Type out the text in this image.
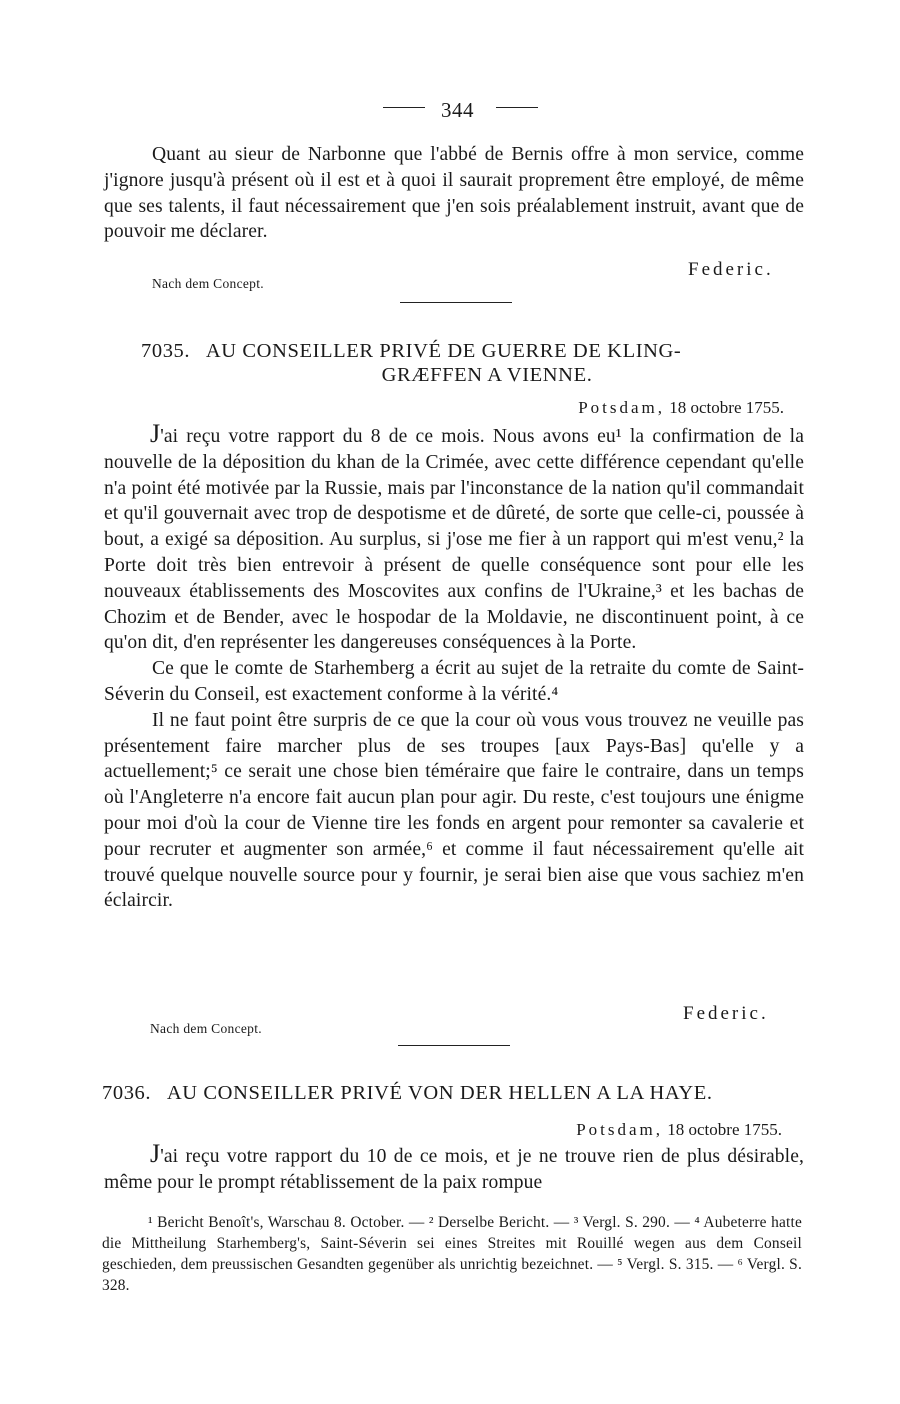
344

Quant au sieur de Narbonne que l'abbé de Bernis offre à mon service, comme j'ignore jusqu'à présent où il est et à quoi il saurait proprement être employé, de même que ses talents, il faut nécessairement que j'en sois préalablement instruit, avant que de pouvoir me déclarer.

Federic.
Nach dem Concept.
7035. AU CONSEILLER PRIVÉ DE GUERRE DE KLING-
GRÆFFEN A VIENNE.
Potsdam, 18 octobre 1755.

J'ai reçu votre rapport du 8 de ce mois. Nous avons eu¹ la confirmation de la nouvelle de la déposition du khan de la Crimée, avec cette différence cependant qu'elle n'a point été motivée par la Russie, mais par l'inconstance de la nation qu'il commandait et qu'il gouvernait avec trop de despotisme et de dûreté, de sorte que celle-ci, poussée à bout, a exigé sa déposition. Au surplus, si j'ose me fier à un rapport qui m'est venu,² la Porte doit très bien entrevoir à présent de quelle conséquence sont pour elle les nouveaux établissements des Moscovites aux confins de l'Ukraine,³ et les bachas de Chozim et de Bender, avec le hospodar de la Moldavie, ne discontinuent point, à ce qu'on dit, d'en représenter les dangereuses conséquences à la Porte.

Ce que le comte de Starhemberg a écrit au sujet de la retraite du comte de Saint-Séverin du Conseil, est exactement conforme à la vérité.⁴

Il ne faut point être surpris de ce que la cour où vous vous trouvez ne veuille pas présentement faire marcher plus de ses troupes [aux Pays-Bas] qu'elle y a actuellement;⁵ ce serait une chose bien téméraire que faire le contraire, dans un temps où l'Angleterre n'a encore fait aucun plan pour agir. Du reste, c'est toujours une énigme pour moi d'où la cour de Vienne tire les fonds en argent pour remonter sa cavalerie et pour recruter et augmenter son armée,⁶ et comme il faut nécessairement qu'elle ait trouvé quelque nouvelle source pour y fournir, je serai bien aise que vous sachiez m'en éclaircir.

Federic.
Nach dem Concept.
7036. AU CONSEILLER PRIVÉ VON DER HELLEN A LA HAYE.
Potsdam, 18 octobre 1755.

J'ai reçu votre rapport du 10 de ce mois, et je ne trouve rien de plus désirable, même pour le prompt rétablissement de la paix rompue

¹ Bericht Benoît's, Warschau 8. October. — ² Derselbe Bericht. — ³ Vergl. S. 290. — ⁴ Aubeterre hatte die Mittheilung Starhemberg's, Saint-Séverin sei eines Streites mit Rouillé wegen aus dem Conseil geschieden, dem preussischen Gesandten gegenüber als unrichtig bezeichnet. — ⁵ Vergl. S. 315. — ⁶ Vergl. S. 328.
